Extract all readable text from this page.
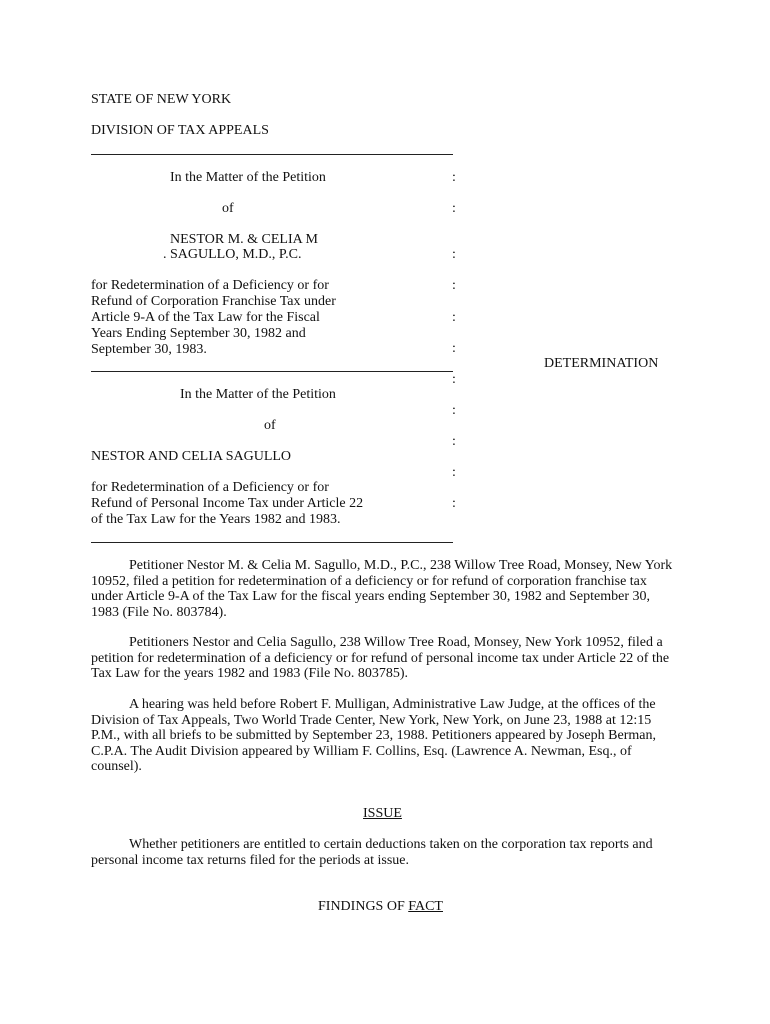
STATE OF NEW YORK
DIVISION OF TAX APPEALS
In the Matter of the Petition	:
of	:
NESTOR M. & CELIA M
. SAGULLO, M.D., P.C.	:
for Redetermination of a Deficiency or for
Refund of Corporation Franchise Tax under
Article 9-A of the Tax Law for the Fiscal
Years Ending September 30, 1982 and
September 30, 1983.
:
:
:
DETERMINATION
:
In the Matter of the Petition
:
of
:
NESTOR AND CELIA SAGULLO
:
for Redetermination of a Deficiency or for
Refund of Personal Income Tax under Article 22
of the Tax Law for the Years 1982 and 1983.
:

Petitioner Nestor M. & Celia M. Sagullo, M.D., P.C., 238 Willow Tree Road, Monsey, New York 10952, filed a petition for redetermination of a deficiency or for refund of corporation franchise tax under Article 9-A of the Tax Law for the fiscal years ending September 30, 1982 and September 30, 1983 (File No. 803784).

Petitioners Nestor and Celia Sagullo, 238 Willow Tree Road, Monsey, New York 10952, filed a petition for redetermination of a deficiency or for refund of personal income tax under Article 22 of the Tax Law for the years 1982 and 1983 (File No. 803785).

A hearing was held before Robert F. Mulligan, Administrative Law Judge, at the offices of the Division of Tax Appeals, Two World Trade Center, New York, New York, on June 23, 1988 at 12:15 P.M., with all briefs to be submitted by September 23, 1988. Petitioners appeared by Joseph Berman, C.P.A. The Audit Division appeared by William F. Collins, Esq. (Lawrence A. Newman, Esq., of counsel).

ISSUE

Whether petitioners are entitled to certain deductions taken on the corporation tax reports and personal income tax returns filed for the periods at issue.

FINDINGS OF FACT
